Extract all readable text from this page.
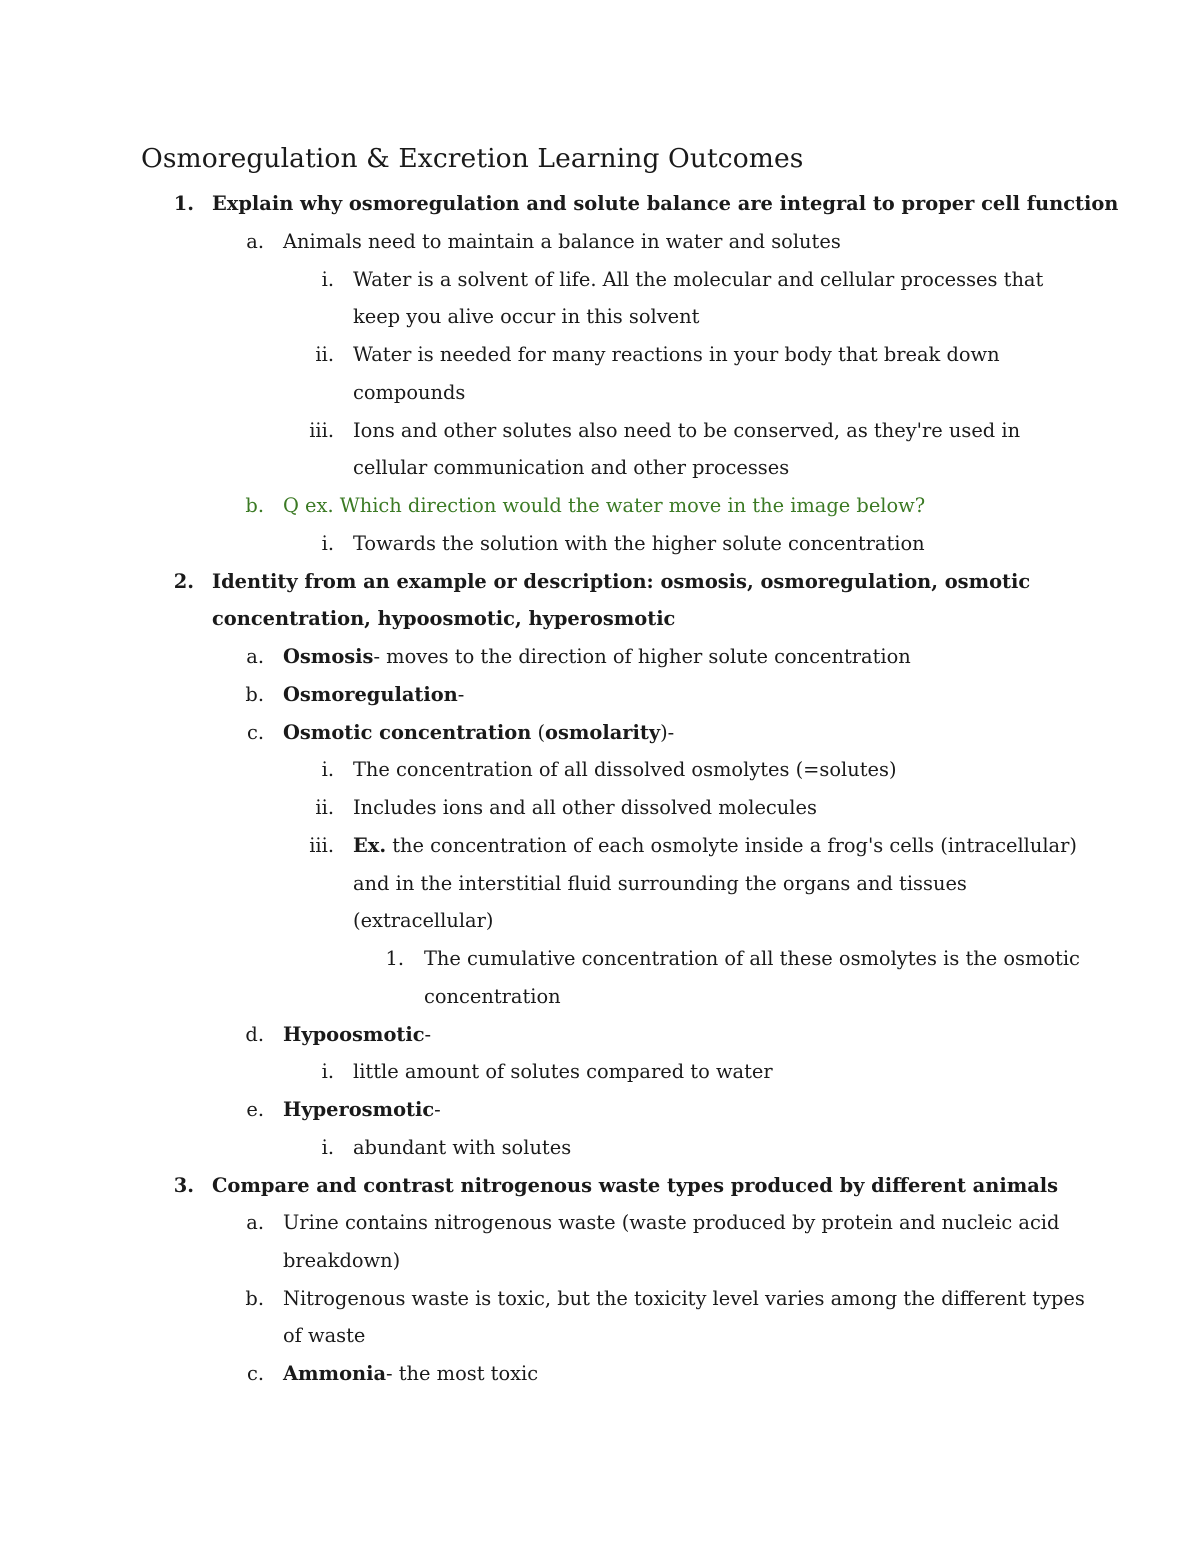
Osmoregulation & Excretion Learning Outcomes
1. Explain why osmoregulation and solute balance are integral to proper cell function
a. Animals need to maintain a balance in water and solutes
i. Water is a solvent of life. All the molecular and cellular processes that
keep you alive occur in this solvent
ii. Water is needed for many reactions in your body that break down
compounds
iii. Ions and other solutes also need to be conserved, as they're used in
cellular communication and other processes
b. Q ex. Which direction would the water move in the image below?
i. Towards the solution with the higher solute concentration
2. Identity from an example or description: osmosis, osmoregulation, osmotic
concentration, hypoosmotic, hyperosmotic
a. Osmosis- moves to the direction of higher solute concentration
b. Osmoregulation-
c. Osmotic concentration (osmolarity)-
i. The concentration of all dissolved osmolytes (=solutes)
ii. Includes ions and all other dissolved molecules
iii. Ex. the concentration of each osmolyte inside a frog's cells (intracellular)
and in the interstitial fluid surrounding the organs and tissues
(extracellular)
1. The cumulative concentration of all these osmolytes is the osmotic
concentration
d. Hypoosmotic-
i. little amount of solutes compared to water
e. Hyperosmotic-
i. abundant with solutes
3. Compare and contrast nitrogenous waste types produced by different animals
a. Urine contains nitrogenous waste (waste produced by protein and nucleic acid
breakdown)
b. Nitrogenous waste is toxic, but the toxicity level varies among the different types
of waste
c. Ammonia- the most toxic
